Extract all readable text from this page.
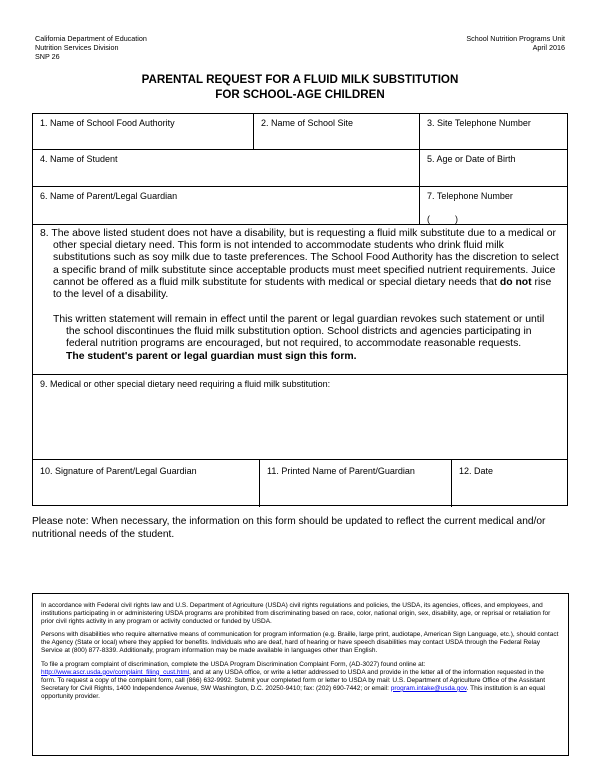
California Department of Education
Nutrition Services Division
SNP 26
School Nutrition Programs Unit
April 2016
PARENTAL REQUEST FOR A FLUID MILK SUBSTITUTION
FOR SCHOOL-AGE CHILDREN
1. Name of School Food Authority	2. Name of School Site	3. Site Telephone Number
4. Name of Student	5. Age or Date of Birth
6. Name of Parent/Legal Guardian	7. Telephone Number
(          )
8. The above listed student does not have a disability, but is requesting a fluid milk substitute due to a medical or other special dietary need. This form is not intended to accommodate students who drink fluid milk substitutions such as soy milk due to taste preferences. The School Food Authority has the discretion to select a specific brand of milk substitute since acceptable products must meet specified nutrient requirements. Juice cannot be offered as a fluid milk substitute for students with medical or special dietary needs that do not rise to the level of a disability.
This written statement will remain in effect until the parent or legal guardian revokes such statement or until the school discontinues the fluid milk substitution option. School districts and agencies participating in federal nutrition programs are encouraged, but not required, to accommodate reasonable requests.
The student's parent or legal guardian must sign this form.
9. Medical or other special dietary need requiring a fluid milk substitution:
10. Signature of Parent/Legal Guardian	11. Printed Name of Parent/Guardian	12. Date
Please note: When necessary, the information on this form should be updated to reflect the current medical and/or nutritional needs of the student.

In accordance with Federal civil rights law and U.S. Department of Agriculture (USDA) civil rights regulations and policies, the USDA, its agencies, offices, and employees, and institutions participating in or administering USDA programs are prohibited from discriminating based on race, color, national origin, sex, disability, age, or reprisal or retaliation for prior civil rights activity in any program or activity conducted or funded by USDA.

Persons with disabilities who require alternative means of communication for program information (e.g. Braille, large print, audiotape, American Sign Language, etc.), should contact the Agency (State or local) where they applied for benefits. Individuals who are deaf, hard of hearing or have speech disabilities may contact USDA through the Federal Relay Service at (800) 877-8339. Additionally, program information may be made available in languages other than English.

To file a program complaint of discrimination, complete the USDA Program Discrimination Complaint Form, (AD-3027) found online at: http://www.ascr.usda.gov/complaint_filing_cust.html, and at any USDA office, or write a letter addressed to USDA and provide in the letter all of the information requested in the form. To request a copy of the complaint form, call (866) 632-9992. Submit your completed form or letter to USDA by mail: U.S. Department of Agriculture Office of the Assistant Secretary for Civil Rights, 1400 Independence Avenue, SW Washington, D.C. 20250-9410; fax: (202) 690-7442; or email: program.intake@usda.gov. This institution is an equal opportunity provider.
